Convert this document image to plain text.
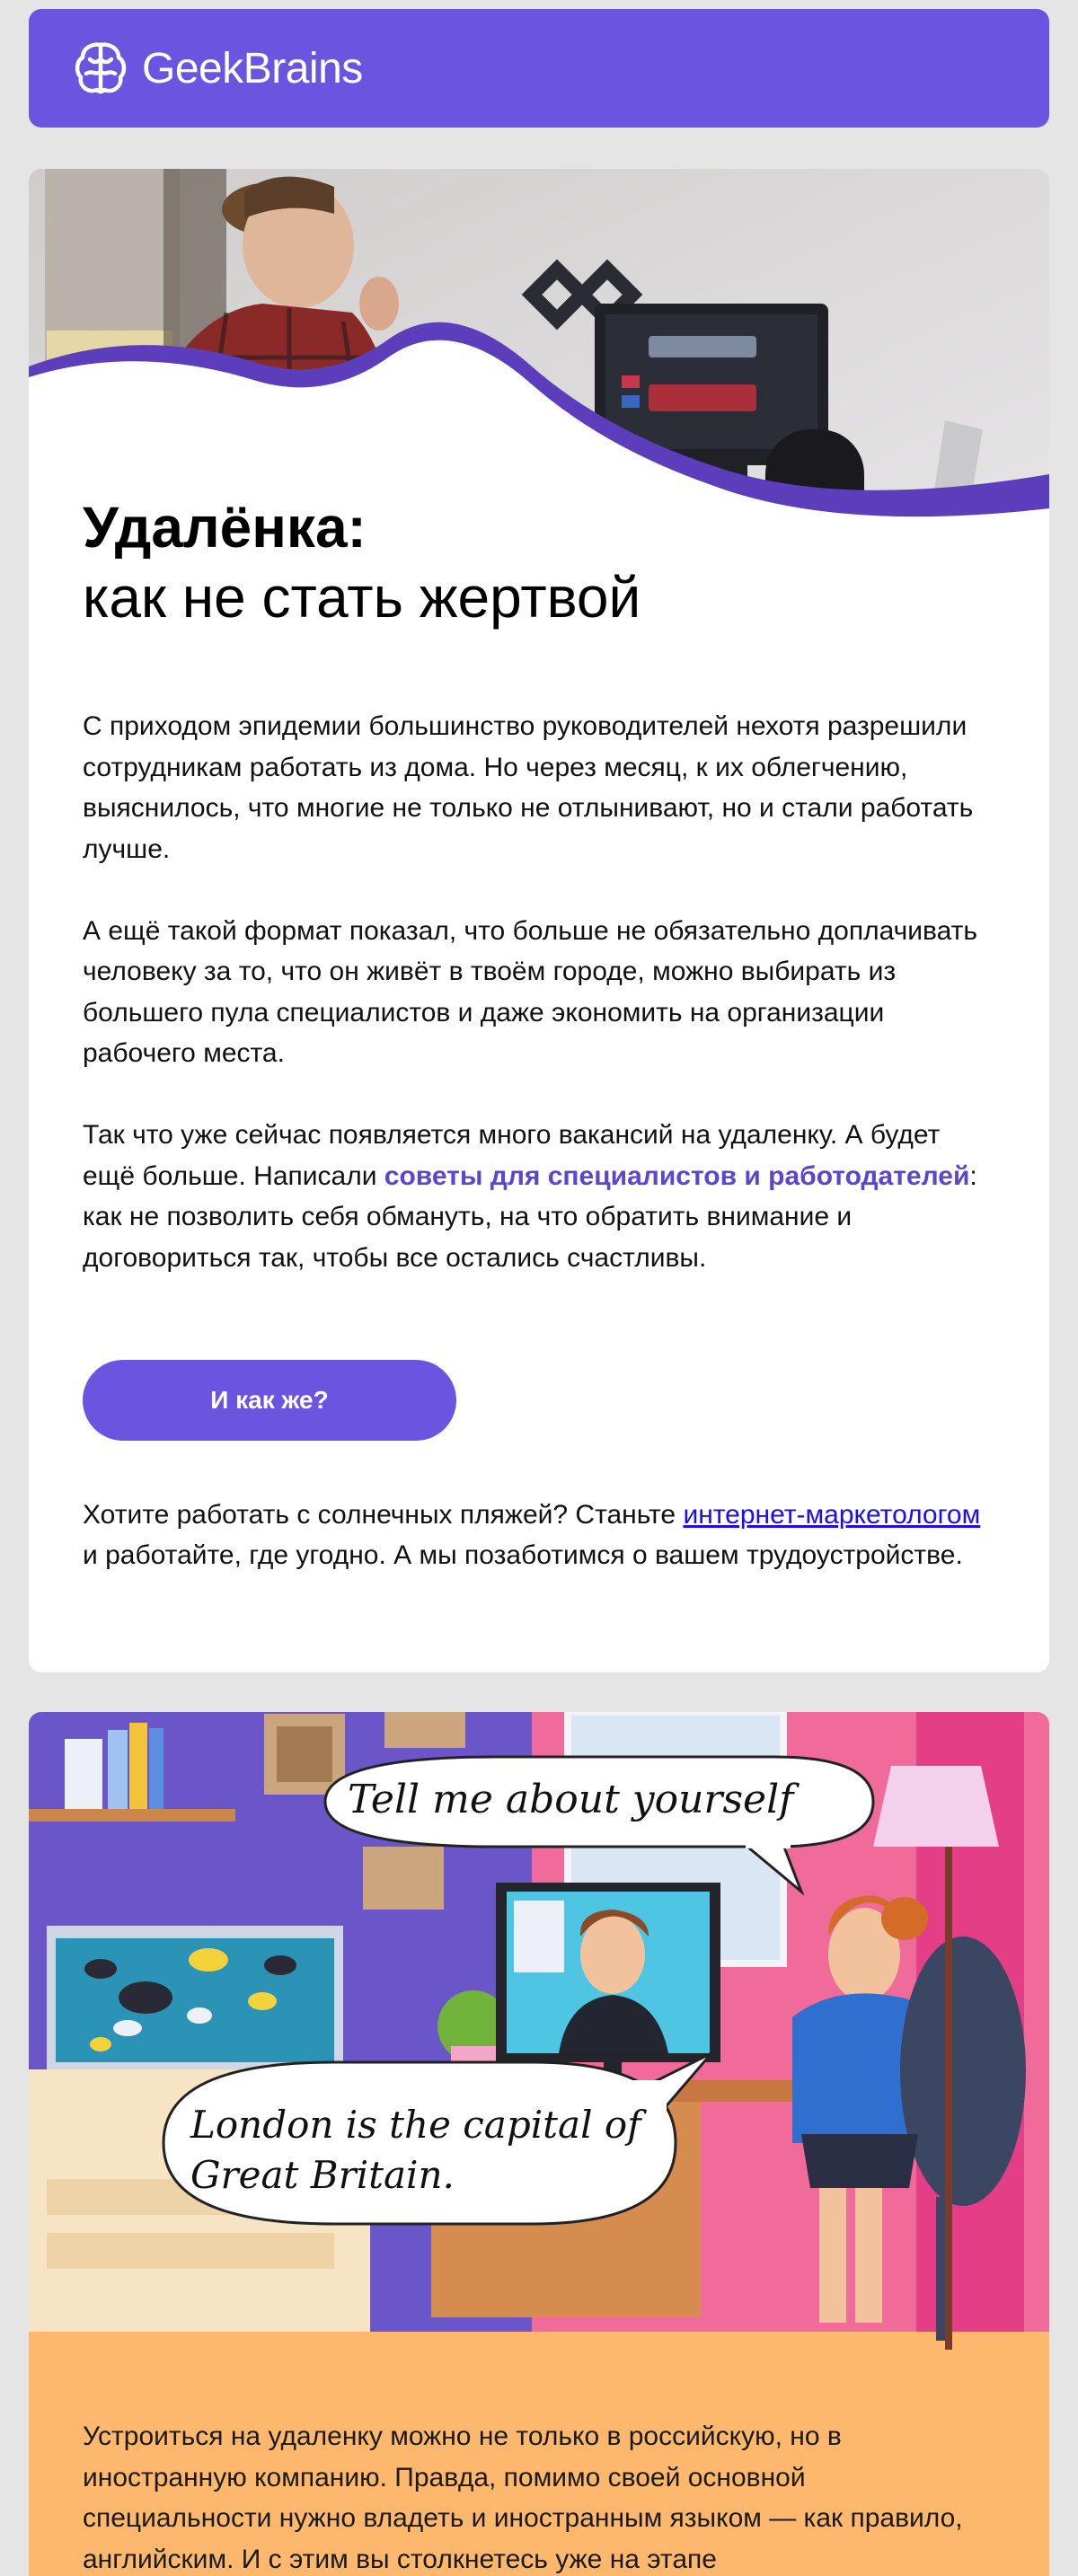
GeekBrains
Удалёнка:
как не стать жертвой

С приходом эпидемии большинство руководителей нехотя разрешили сотрудникам работать из дома. Но через месяц, к их облегчению, выяснилось, что многие не только не отлынивают, но и стали работать лучше.

А ещё такой формат показал, что больше не обязательно доплачивать человеку за то, что он живёт в твоём городе, можно выбирать из большего пула специалистов и даже экономить на организации рабочего места.

Так что уже сейчас появляется много вакансий на удаленку. А будет ещё больше. Написали советы для специалистов и работодателей: как не позволить себя обмануть, на что обратить внимание и договориться так, чтобы все остались счастливы.

И как же?

Хотите работать с солнечных пляжей? Станьте интернет-маркетологом и работайте, где угодно. А мы позаботимся о вашем трудоустройстве.

Tell me about yourself
London is the capital of
Great Britain.

Устроиться на удаленку можно не только в российскую, но в иностранную компанию. Правда, помимо своей основной специальности нужно владеть и иностранным языком — как правило, английским. И с этим вы столкнетесь уже на этапе
